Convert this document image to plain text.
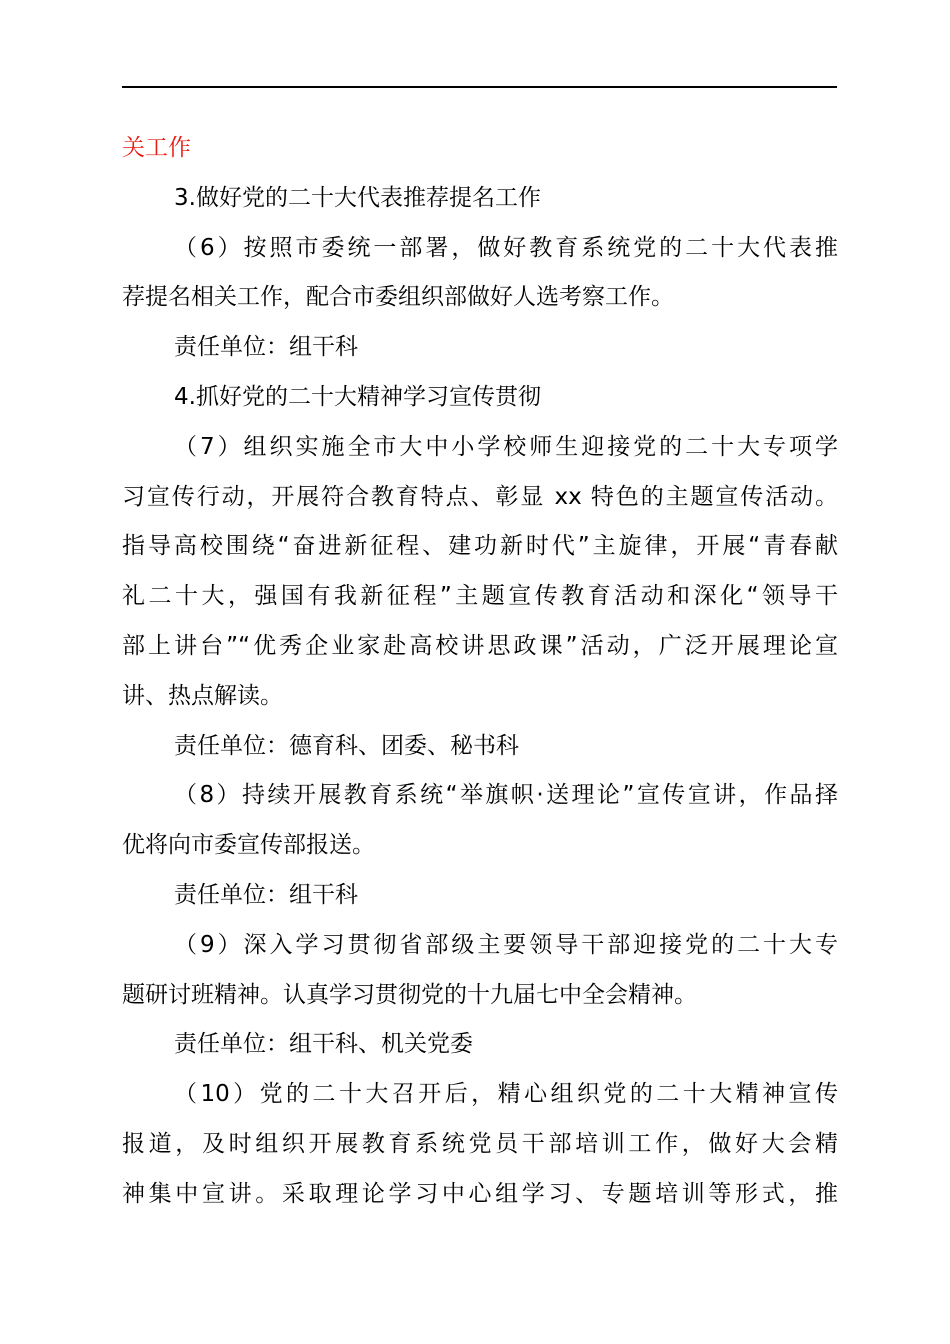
关工作

3.做好党的二十大代表推荐提名工作

（6）按照市委统一部署，做好教育系统党的二十大代表推

荐提名相关工作，配合市委组织部做好人选考察工作。

责任单位：组干科

4.抓好党的二十大精神学习宣传贯彻

（7）组织实施全市大中小学校师生迎接党的二十大专项学

习宣传行动，开展符合教育特点、彰显 xx 特色的主题宣传活动。

指导高校围绕“奋进新征程、建功新时代”主旋律，开展“青春献

礼二十大，强国有我新征程”主题宣传教育活动和深化“领导干

部上讲台”“优秀企业家赴高校讲思政课”活动，广泛开展理论宣

讲、热点解读。

责任单位：德育科、团委、秘书科

（8）持续开展教育系统“举旗帜·送理论”宣传宣讲，作品择

优将向市委宣传部报送。

责任单位：组干科

（9）深入学习贯彻省部级主要领导干部迎接党的二十大专

题研讨班精神。认真学习贯彻党的十九届七中全会精神。

责任单位：组干科、机关党委

（10）党的二十大召开后，精心组织党的二十大精神宣传

报道，及时组织开展教育系统党员干部培训工作，做好大会精

神集中宣讲。采取理论学习中心组学习、专题培训等形式，推
